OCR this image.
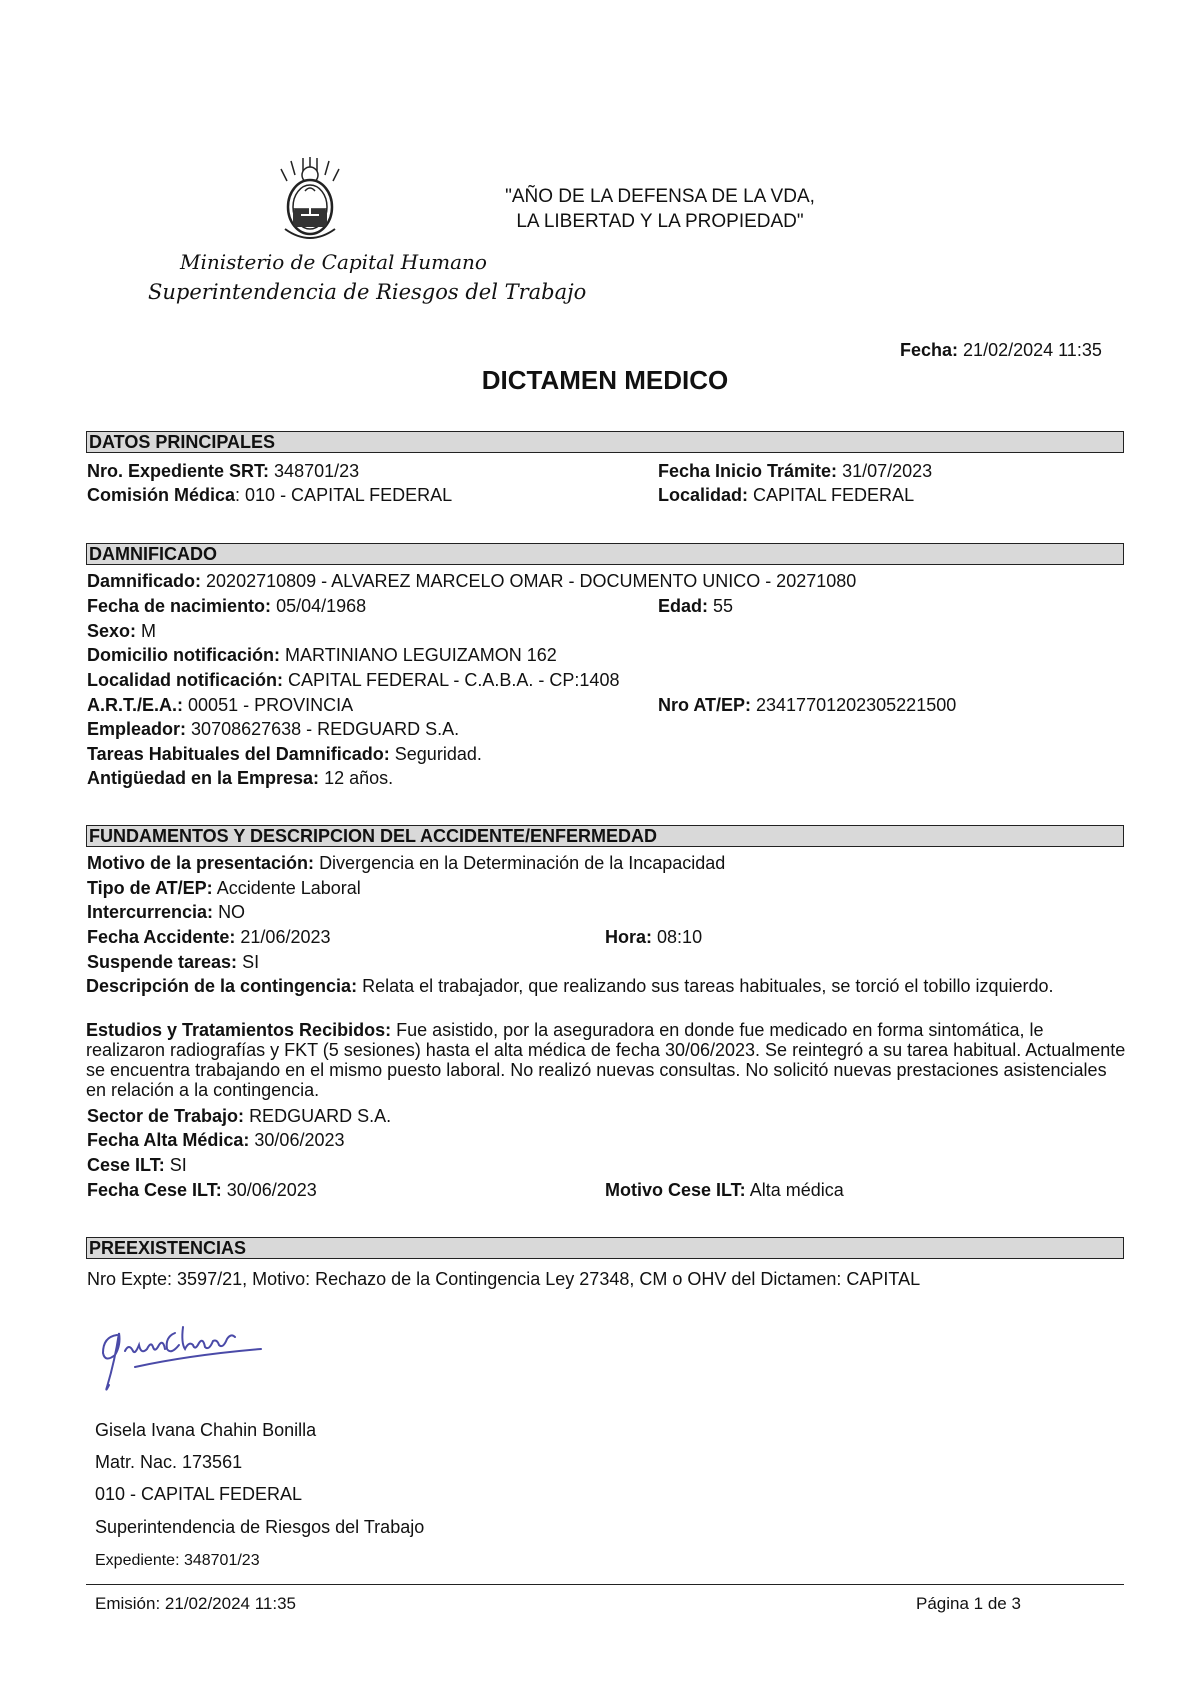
Ministerio de Capital Humano
Superintendencia de Riesgos del Trabajo
"AÑO DE LA DEFENSA DE LA VDA,
LA LIBERTAD Y LA PROPIEDAD"
Fecha: 21/02/2024 11:35
DICTAMEN MEDICO
DATOS PRINCIPALES
Nro. Expediente SRT: 348701/23	Fecha Inicio Trámite: 31/07/2023
Comisión Médica: 010 - CAPITAL FEDERAL	Localidad: CAPITAL FEDERAL
DAMNIFICADO
Damnificado: 20202710809 - ALVAREZ MARCELO OMAR - DOCUMENTO UNICO - 20271080
Fecha de nacimiento: 05/04/1968	Edad: 55
Sexo: M
Domicilio notificación: MARTINIANO LEGUIZAMON 162
Localidad notificación: CAPITAL FEDERAL - C.A.B.A. - CP:1408
A.R.T./E.A.: 00051 - PROVINCIA	Nro AT/EP: 23417701202305221500
Empleador: 30708627638 - REDGUARD S.A.
Tareas Habituales del Damnificado: Seguridad.
Antigüedad en la Empresa: 12 años.
FUNDAMENTOS Y DESCRIPCION DEL ACCIDENTE/ENFERMEDAD
Motivo de la presentación: Divergencia en la Determinación de la Incapacidad
Tipo de AT/EP: Accidente Laboral
Intercurrencia: NO
Fecha Accidente: 21/06/2023	Hora: 08:10
Suspende tareas: SI
Descripción de la contingencia: Relata el trabajador, que realizando sus tareas habituales, se torció el tobillo izquierdo.
Estudios y Tratamientos Recibidos: Fue asistido, por la aseguradora en donde fue medicado en forma sintomática, le realizaron radiografías y FKT (5 sesiones) hasta el alta médica de fecha 30/06/2023. Se reintegró a su tarea habitual. Actualmente se encuentra trabajando en el mismo puesto laboral. No realizó nuevas consultas. No solicitó nuevas prestaciones asistenciales en relación a la contingencia.
Sector de Trabajo: REDGUARD S.A.
Fecha Alta Médica: 30/06/2023
Cese ILT: SI
Fecha Cese ILT: 30/06/2023	Motivo Cese ILT: Alta médica
PREEXISTENCIAS
Nro Expte: 3597/21, Motivo: Rechazo de la Contingencia Ley 27348, CM o OHV del Dictamen: CAPITAL
Gisela Ivana Chahin Bonilla
Matr. Nac. 173561
010 - CAPITAL FEDERAL
Superintendencia de Riesgos del Trabajo
Expediente: 348701/23
Emisión: 21/02/2024 11:35	Página 1 de 3
